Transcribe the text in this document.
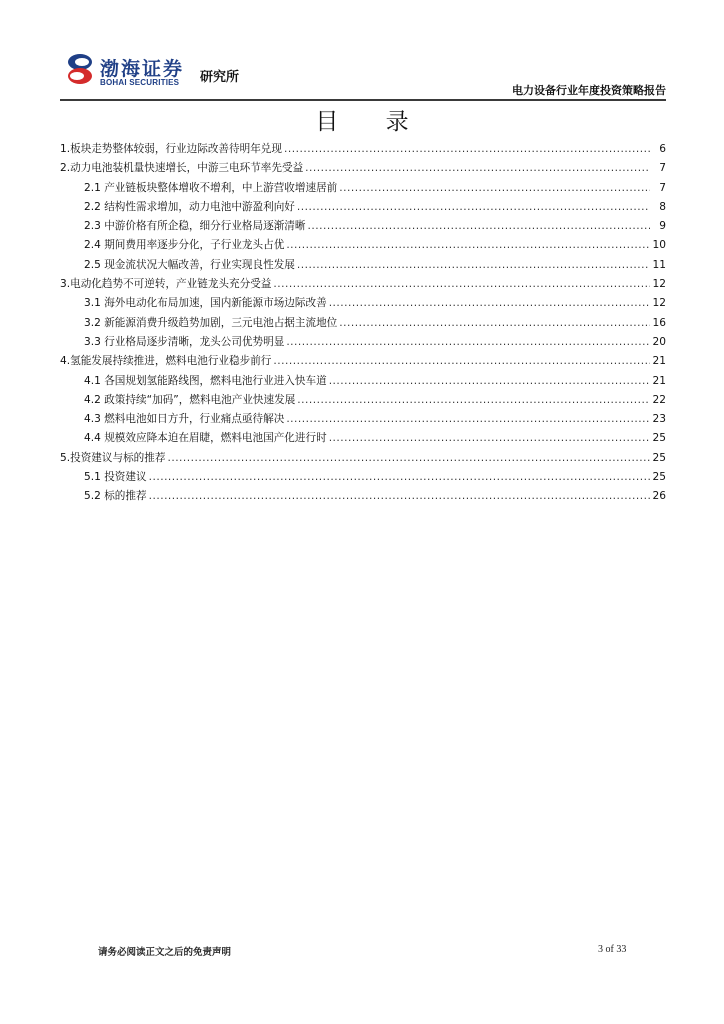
渤海证券
BOHAI SECURITIES 研究所
电力设备行业年度投资策略报告
目 录
1.板块走势整体较弱，行业边际改善待明年兑现 .....	6
2.动力电池装机量快速增长，中游三电环节率先受益 .....	7
2.1 产业链板块整体增收不增利，中上游营收增速居前 .....	7
2.2 结构性需求增加，动力电池中游盈利向好 .....	8
2.3 中游价格有所企稳，细分行业格局逐渐清晰 .....	9
2.4 期间费用率逐步分化，子行业龙头占优 .....	10
2.5 现金流状况大幅改善，行业实现良性发展 .....	11
3.电动化趋势不可逆转，产业链龙头充分受益 .....	12
3.1 海外电动化布局加速，国内新能源市场边际改善 .....	12
3.2 新能源消费升级趋势加剧，三元电池占据主流地位 .....	16
3.3 行业格局逐步清晰，龙头公司优势明显 .....	20
4.氢能发展持续推进，燃料电池行业稳步前行 .....	21
4.1 各国规划氢能路线图，燃料电池行业进入快车道 .....	21
4.2 政策持续“加码”，燃料电池产业快速发展 .....	22
4.3 燃料电池如日方升，行业痛点亟待解决 .....	23
4.4 规模效应降本迫在眉睫，燃料电池国产化进行时 .....	25
5.投资建议与标的推荐 .....	25
5.1 投资建议 .....	25
5.2 标的推荐 .....	26
请务必阅读正文之后的免责声明	3 of 33
